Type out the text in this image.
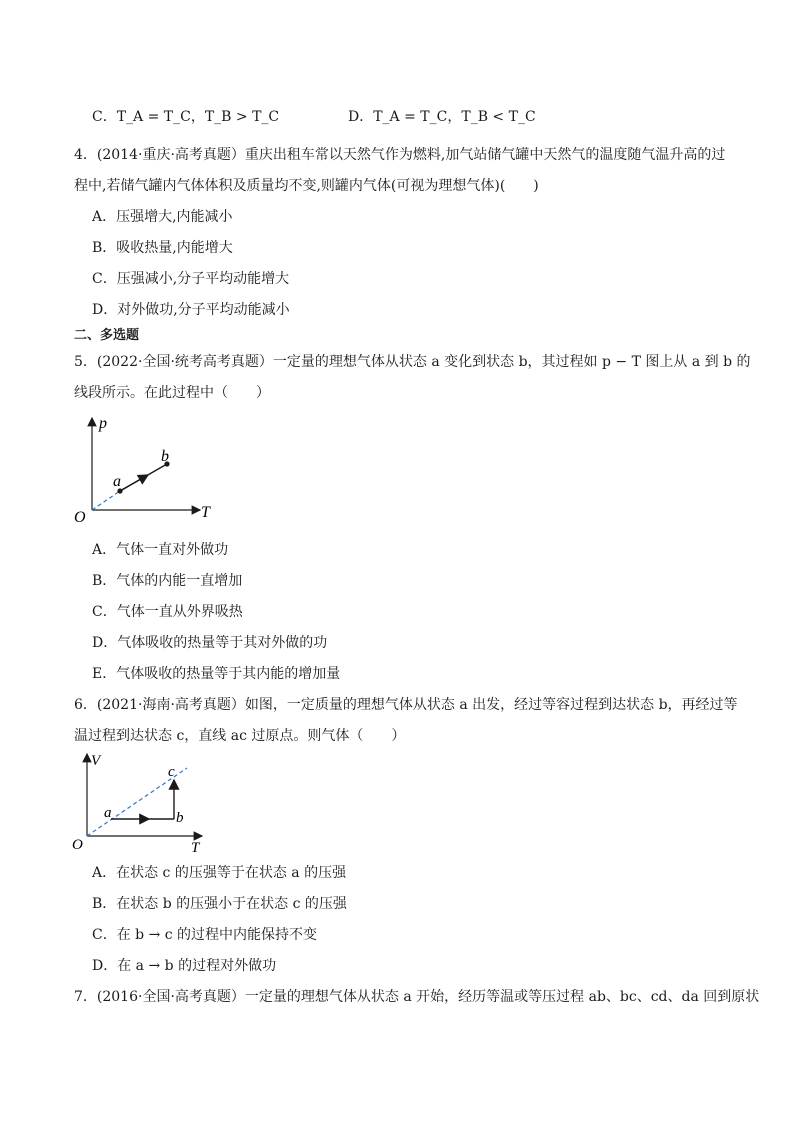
C．T_A = T_C，T_B > T_C	D．T_A = T_C，T_B < T_C
4．(2014·重庆·高考真题）重庆出租车常以天然气作为燃料,加气站储气罐中天然气的温度随气温升高的过
程中,若储气罐内气体体积及质量均不变,则罐内气体(可视为理想气体)(　　)
A．压强增大,内能减小
B．吸收热量,内能增大
C．压强减小,分子平均动能增大
D．对外做功,分子平均动能减小
二、多选题
5．(2022·全国·统考高考真题）一定量的理想气体从状态 a 变化到状态 b，其过程如 p − T 图上从 a 到 b 的
线段所示。在此过程中（　　）
p
T
O
a
b
A．气体一直对外做功
B．气体的内能一直增加
C．气体一直从外界吸热
D．气体吸收的热量等于其对外做的功
E．气体吸收的热量等于其内能的增加量
6．(2021·海南·高考真题）如图，一定质量的理想气体从状态 a 出发，经过等容过程到达状态 b，再经过等
温过程到达状态 c，直线 ac 过原点。则气体（　　）
V
T
O
a	b
c
A．在状态 c 的压强等于在状态 a 的压强
B．在状态 b 的压强小于在状态 c 的压强
C．在 b → c 的过程中内能保持不变
D．在 a → b 的过程对外做功
7．(2016·全国·高考真题）一定量的理想气体从状态 a 开始，经历等温或等压过程 ab、bc、cd、da 回到原状
